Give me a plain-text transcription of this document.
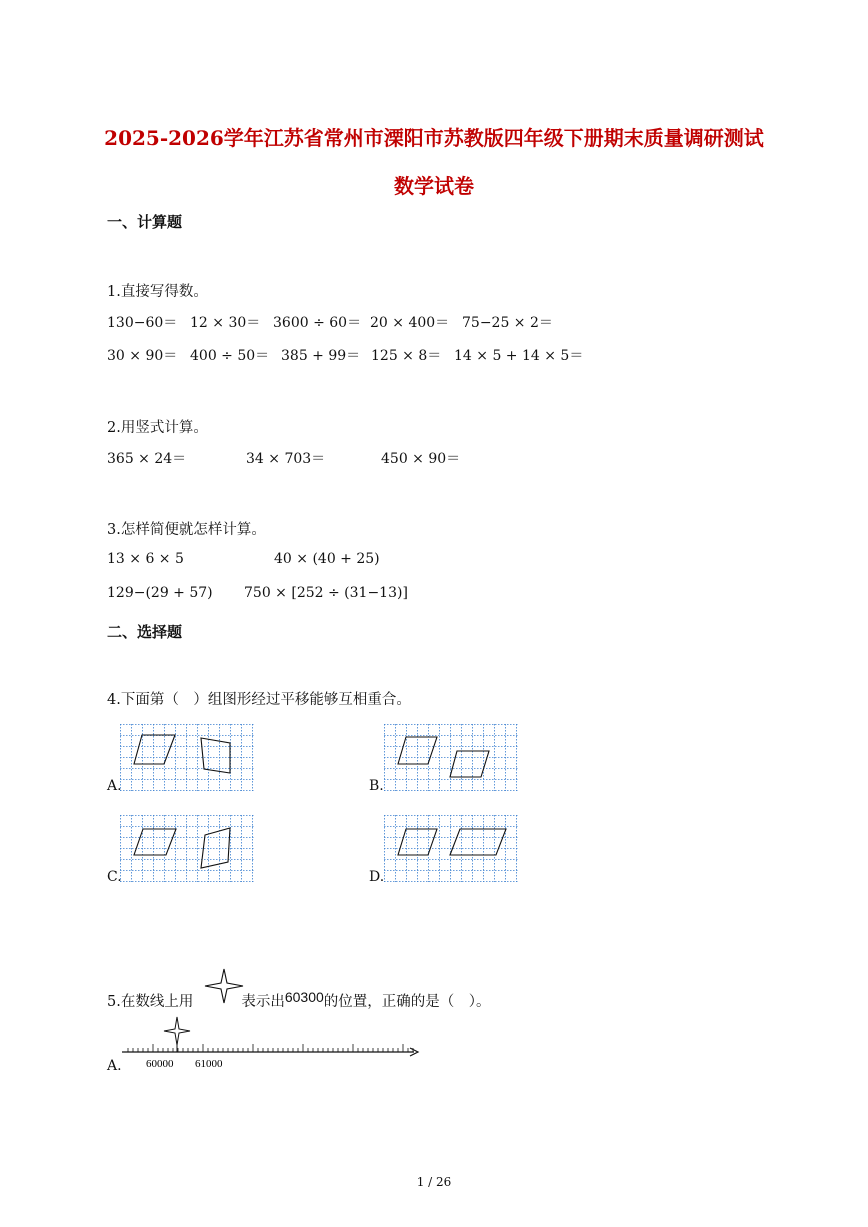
2025-2026学年江苏省常州市溧阳市苏教版四年级下册期末质量调研测试
数学试卷
一、计算题
1.直接写得数。
130−60＝ 12 × 30＝ 3600 ÷ 60＝ 20 × 400＝ 75−25 × 2＝
30 × 90＝ 400 ÷ 50＝ 385 + 99＝ 125 × 8＝ 14 × 5 + 14 × 5＝
2.用竖式计算。
365 × 24＝	34 × 703＝	450 × 90＝
3.怎样简便就怎样计算。
13 × 6 × 5	40 × (40 + 25)
129−(29 + 57) 750 × [252 ÷ (31−13)]
二、选择题
4.下面第（　）组图形经过平移能够互相重合。
A.	B.
C.	D.
5.在数线上用	表示出60300的位置，正确的是（　）。
A. 60000 61000
1 / 26
